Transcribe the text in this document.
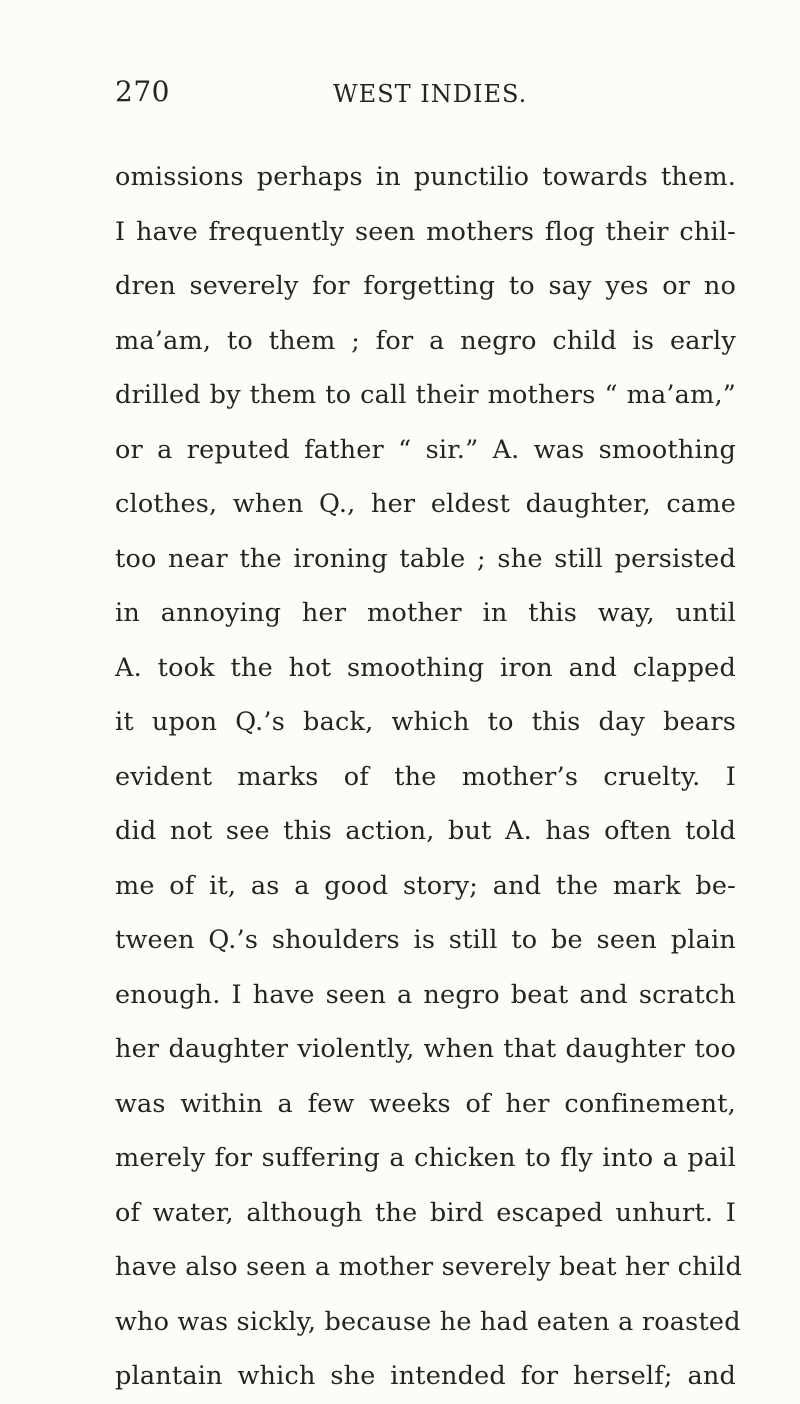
270	WEST INDIES.
omissions perhaps in punctilio towards them.
I have frequently seen mothers flog their chil-
dren severely for forgetting to say yes or no
ma’am, to them ; for a negro child is early
drilled by them to call their mothers “ ma’am,”
or a reputed father “ sir.” A. was smoothing
clothes, when Q., her eldest daughter, came
too near the ironing table ; she still persisted
in annoying her mother in this way, until
A. took the hot smoothing iron and clapped
it upon Q.’s back, which to this day bears
evident marks of the mother’s cruelty. I
did not see this action, but A. has often told
me of it, as a good story; and the mark be-
tween Q.’s shoulders is still to be seen plain
enough. I have seen a negro beat and scratch
her daughter violently, when that daughter too
was within a few weeks of her confinement,
merely for suffering a chicken to fly into a pail
of water, although the bird escaped unhurt. I
have also seen a mother severely beat her child
who was sickly, because he had eaten a roasted
plantain which she intended for herself; and
